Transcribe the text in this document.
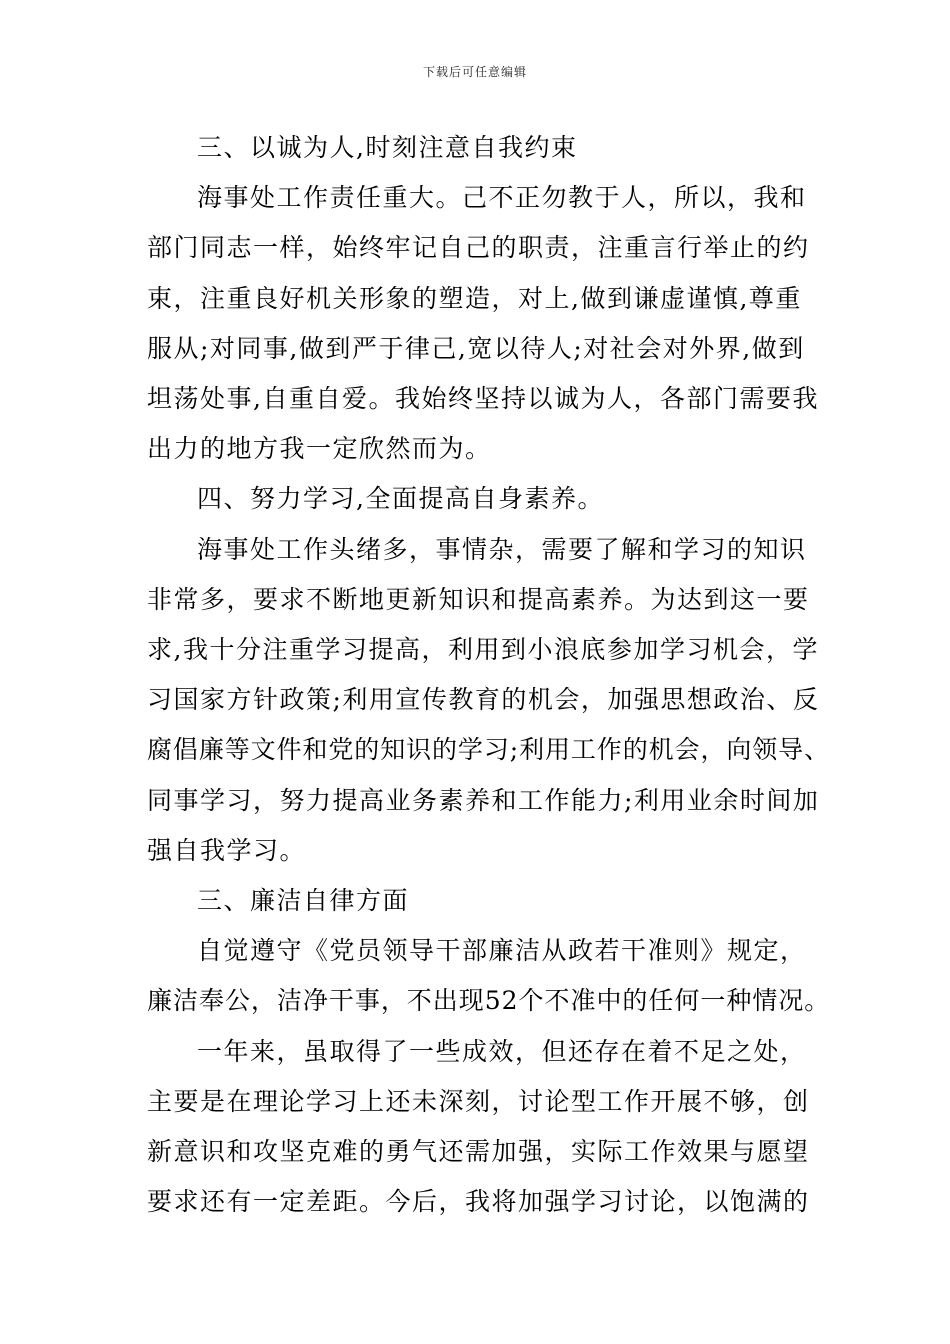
下载后可任意编辑
三、以诚为人,时刻注意自我约束
海事处工作责任重大。己不正勿教于人，所以，我和
部门同志一样，始终牢记自己的职责，注重言行举止的约
束，注重良好机关形象的塑造，对上,做到谦虚谨慎,尊重
服从;对同事,做到严于律己,宽以待人;对社会对外界,做到
坦荡处事,自重自爱。我始终坚持以诚为人，各部门需要我
出力的地方我一定欣然而为。
四、努力学习,全面提高自身素养。
海事处工作头绪多，事情杂，需要了解和学习的知识
非常多，要求不断地更新知识和提高素养。为达到这一要
求,我十分注重学习提高，利用到小浪底参加学习机会，学
习国家方针政策;利用宣传教育的机会，加强思想政治、反
腐倡廉等文件和党的知识的学习;利用工作的机会，向领导、
同事学习，努力提高业务素养和工作能力;利用业余时间加
强自我学习。
三、廉洁自律方面
自觉遵守《党员领导干部廉洁从政若干准则》规定，
廉洁奉公，洁净干事，不出现52个不准中的任何一种情况。
一年来，虽取得了一些成效，但还存在着不足之处，
主要是在理论学习上还未深刻，讨论型工作开展不够，创
新意识和攻坚克难的勇气还需加强，实际工作效果与愿望
要求还有一定差距。今后，我将加强学习讨论，以饱满的
